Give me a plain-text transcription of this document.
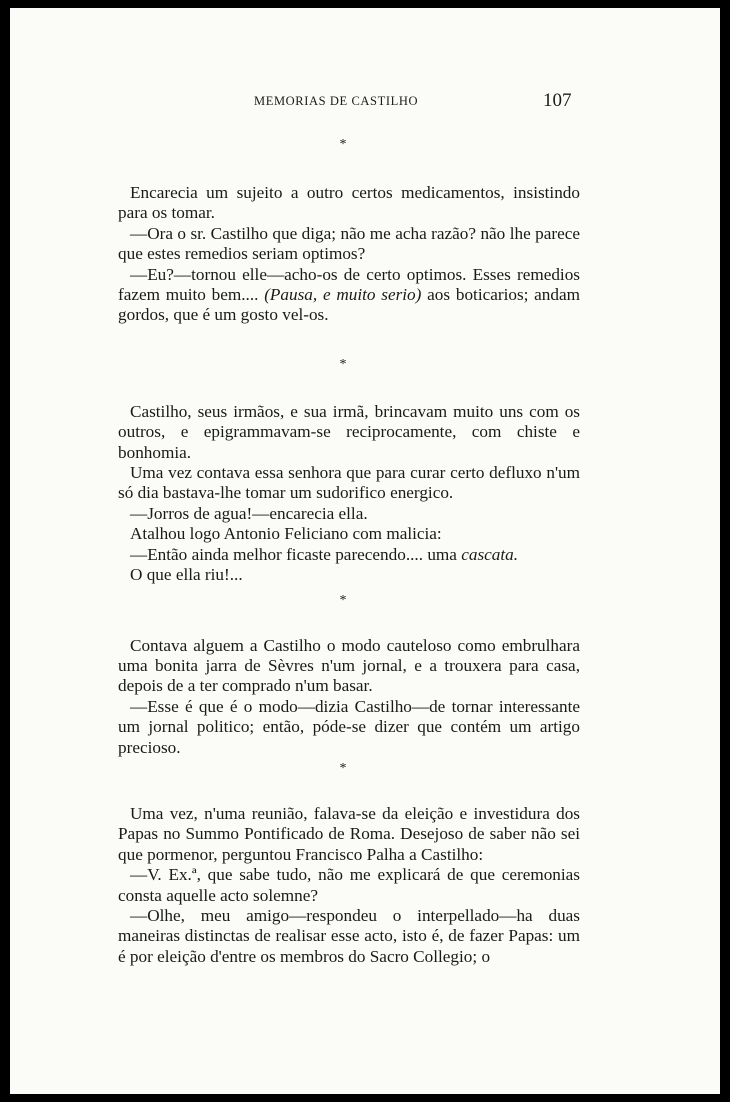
MEMORIAS DE CASTILHO	107
*

Encarecia um sujeito a outro certos medicamentos, insistindo para os tomar.

—Ora o sr. Castilho que diga; não me acha razão? não lhe parece que estes remedios seriam optimos?

—Eu?—tornou elle—acho-os de certo optimos. Esses remedios fazem muito bem.... (Pausa, e muito serio) aos boticarios; andam gordos, que é um gosto vel-os.

*

Castilho, seus irmãos, e sua irmã, brincavam muito uns com os outros, e epigrammavam-se reciprocamente, com chiste e bonhomia.

Uma vez contava essa senhora que para curar certo defluxo n'um só dia bastava-lhe tomar um sudorifico energico.

—Jorros de agua!—encarecia ella.

Atalhou logo Antonio Feliciano com malicia:

—Então ainda melhor ficaste parecendo.... uma cascata.

O que ella riu!...

*

Contava alguem a Castilho o modo cauteloso como embrulhara uma bonita jarra de Sèvres n'um jornal, e a trouxera para casa, depois de a ter comprado n'um basar.

—Esse é que é o modo—dizia Castilho—de tornar interessante um jornal politico; então, póde-se dizer que contém um artigo precioso.

*

Uma vez, n'uma reunião, falava-se da eleição e investidura dos Papas no Summo Pontificado de Roma. Desejoso de saber não sei que pormenor, perguntou Francisco Palha a Castilho:

—V. Ex.ª, que sabe tudo, não me explicará de que ceremonias consta aquelle acto solemne?

—Olhe, meu amigo—respondeu o interpellado—ha duas maneiras distinctas de realisar esse acto, isto é, de fazer Papas: um é por eleição d'entre os membros do Sacro Collegio; o
